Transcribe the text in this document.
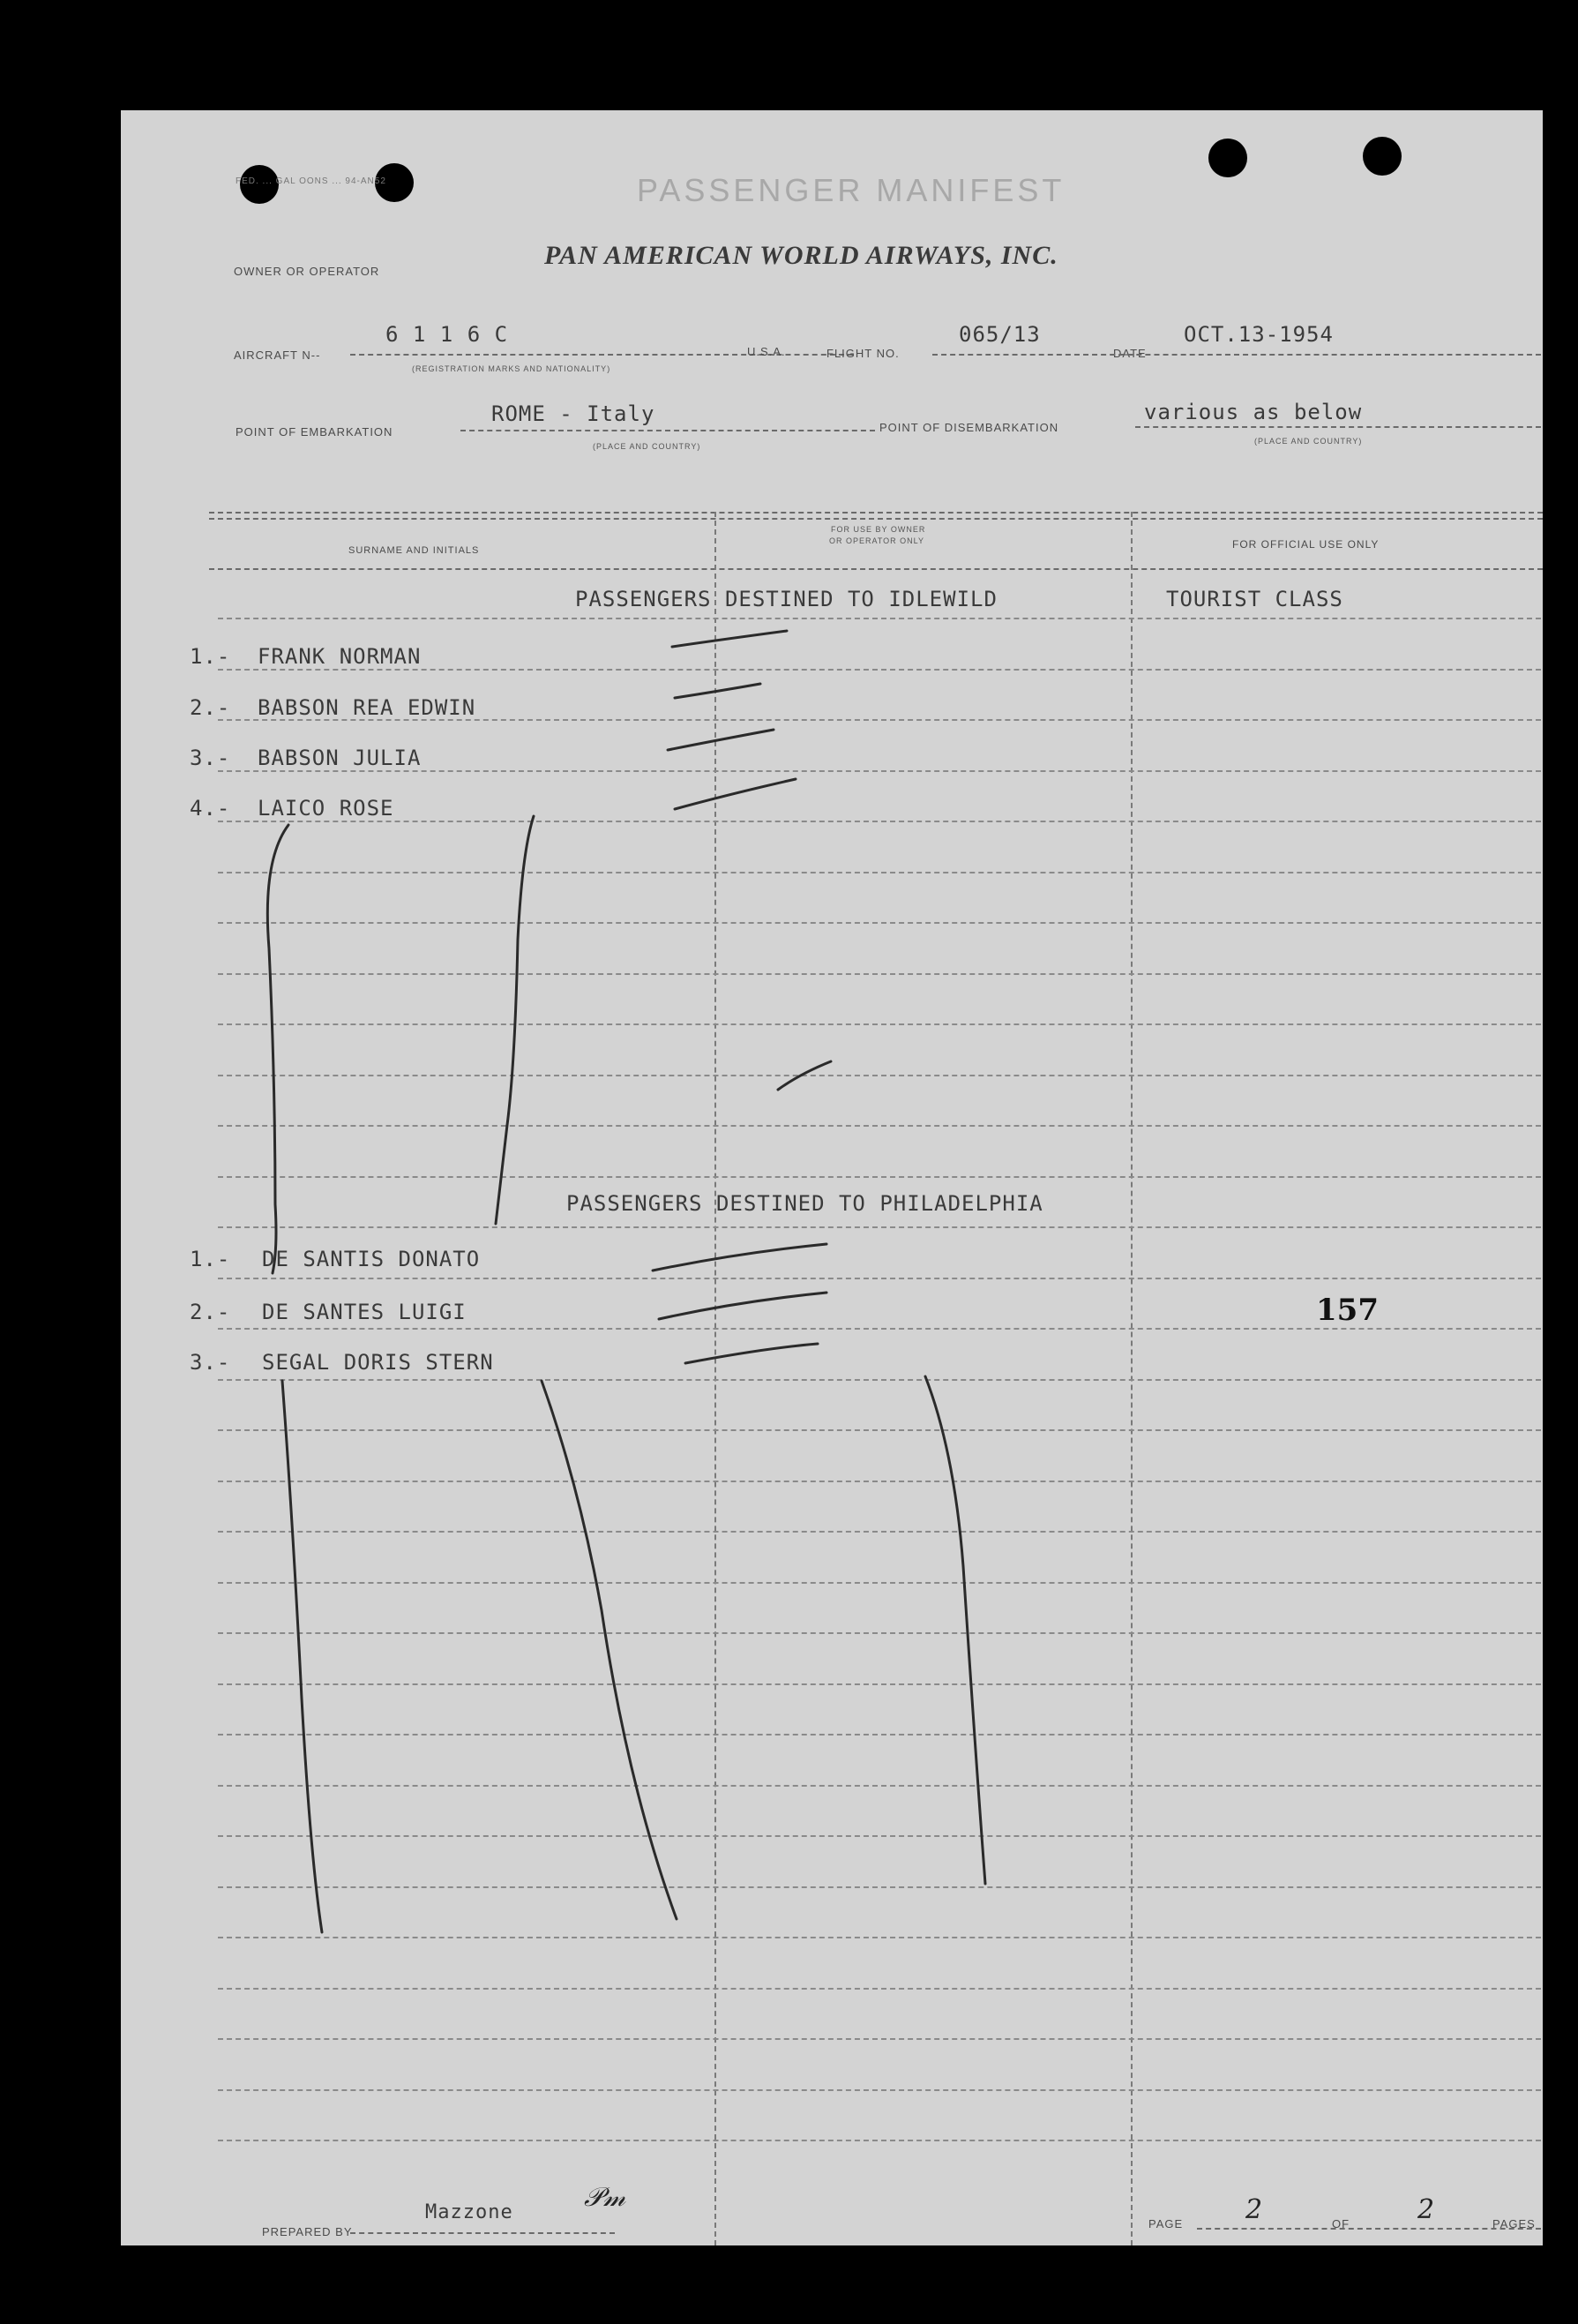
FED. ... GAL OONS ... 94-AN52	PASSENGER MANIFEST
OWNER OR OPERATOR
PAN AMERICAN WORLD AIRWAYS, INC.
AIRCRAFT N--
6 1 1 6 C
(REGISTRATION MARKS AND NATIONALITY)
U.S.A.	FLIGHT NO.
065/13
DATE
OCT.13-1954
POINT OF EMBARKATION
ROME - Italy
(PLACE AND COUNTRY)
POINT OF DISEMBARKATION
various as below
(PLACE AND COUNTRY)
SURNAME AND INITIALS
FOR USE BY OWNER
OR OPERATOR ONLY	FOR OFFICIAL USE ONLY
PASSENGERS DESTINED TO IDLEWILD	TOURIST CLASS
1.- FRANK NORMAN
2.- BABSON REA EDWIN
3.- BABSON JULIA
4.- LAICO ROSE
PASSENGERS DESTINED TO PHILADELPHIA
1.- DE SANTIS DONATO
2.- DE SANTES LUIGI
3.- SEGAL DORIS STERN
157
PREPARED BY
Mazzone	𝒫𝓂
PAGE 2	OF	2	PAGES
